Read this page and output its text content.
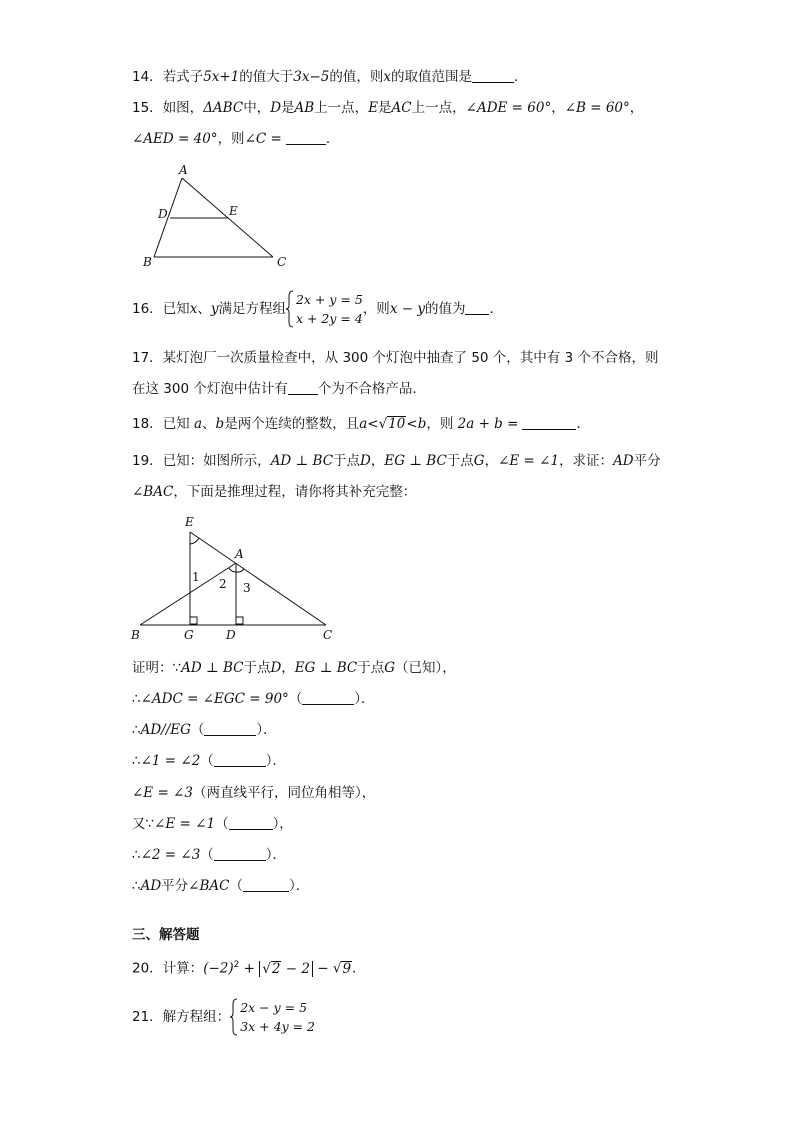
14．若式子5x+1的值大于3x−5的值，则x的取值范围是	．
15．如图，ΔABC中，D是AB上一点，E是AC上一点，∠ADE = 60°，∠B = 60°，
∠AED = 40°，则∠C =	．
A
B	C
D	E
16．已知x、y满足方程组
2x + y = 5
x + 2y = 4
，则x − y的值为 ．
17．某灯泡厂一次质量检查中，从 300 个灯泡中抽查了 50 个，其中有 3 个不合格，则
在这 300 个灯泡中估计有 个为不合格产品．
18．已知 a、b是两个连续的整数，且a<√10<b，则 2a + b =	．
19．已知：如图所示，AD ⊥ BC于点D，EG ⊥ BC于点G，∠E = ∠1，求证：AD平分
∠BAC，下面是推理过程，请你将其补充完整：
E
A
B	G	D	C
1 2 3
证明：∵AD ⊥ BC于点D，EG ⊥ BC于点G（已知），
∴∠ADC = ∠EGC = 90°（	）．
∴AD//EG（	）．
∴∠1 = ∠2（	）．
∠E = ∠3（两直线平行，同位角相等），
又∵∠E = ∠1（	），
∴∠2 = ∠3（	）．
∴AD平分∠BAC（	）．
三、解答题
20．计算：$(-2)^2 + √2 - 2 - √9$．
21．解方程组：
2x − y = 5
3x + 4y = 2
